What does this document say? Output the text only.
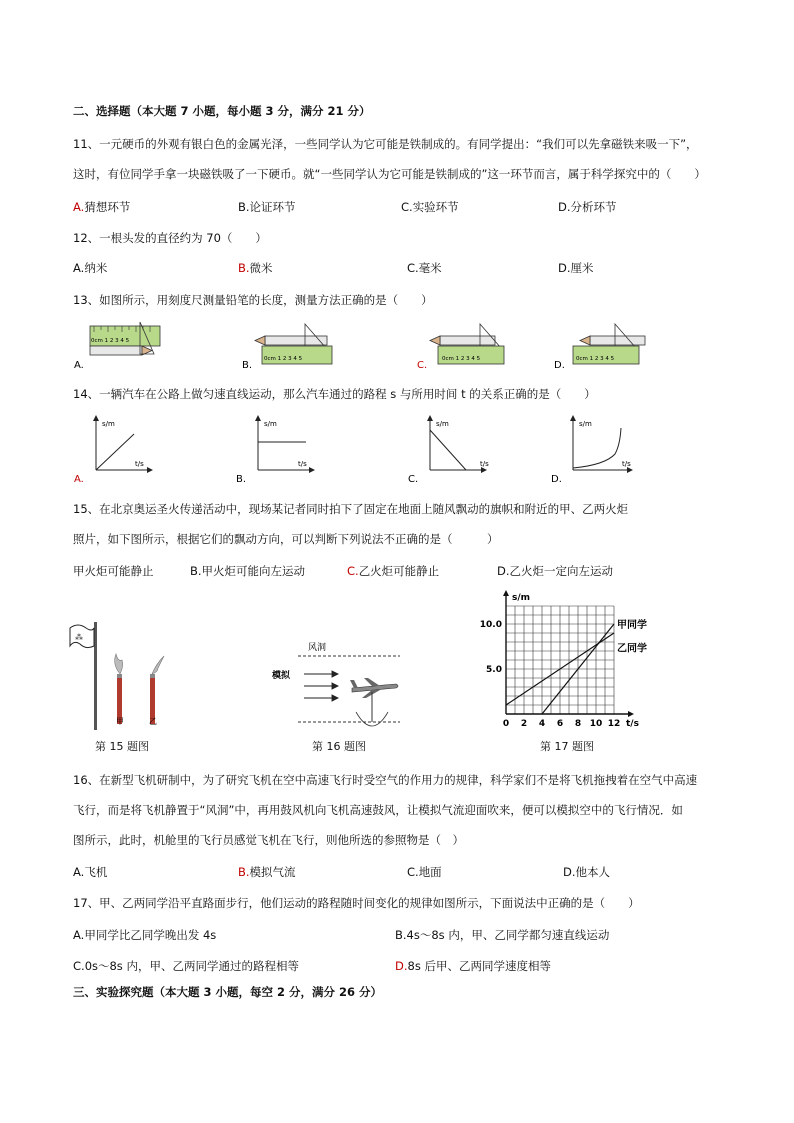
二、选择题（本大题 7 小题，每小题 3 分，满分 21 分）
11、一元硬币的外观有银白色的金属光泽，一些同学认为它可能是铁制成的。有同学提出：“我们可以先拿磁铁来吸一下”，
这时，有位同学手拿一块磁铁吸了一下硬币。就“一些同学认为它可能是铁制成的”这一环节而言，属于科学探究中的（　　）
A.猜想环节	B.论证环节	C.实验环节	D.分析环节
12、一根头发的直径约为 70（　　）
A.纳米	B.微米	C.毫米	D.厘米
13、如图所示，用刻度尺测量铅笔的长度，测量方法正确的是（　　）
0cm 1 2 3 4 5
A.
0cm 1 2 3 4 5
B.
0cm 1 2 3 4 5
C.
0cm 1 2 3 4 5
D.
14、一辆汽车在公路上做匀速直线运动，那么汽车通过的路程 s 与所用时间 t 的关系正确的是（　　）
s/m
t/s
A.
s/m
t/s
B.
s/m
t/s
C.
s/m
t/s
D.
15、在北京奥运圣火传递活动中，现场某记者同时拍下了固定在地面上随风飘动的旗帜和附近的甲、乙两火炬
照片，如下图所示，根据它们的飘动方向，可以判断下列说法不正确的是（　　　）
甲火炬可能静止	B.甲火炬可能向左运动	C.乙火炬可能静止	D.乙火炬一定向左运动
⁂
甲	乙
第 15 题图
风洞
模拟
第 16 题图
s/m
t/s
0 2 4 6 8 10 12
5.0
10.0	甲同学
乙同学
第 17 题图
16、在新型飞机研制中，为了研究飞机在空中高速飞行时受空气的作用力的规律，科学家们不是将飞机拖拽着在空气中高速
飞行，而是将飞机静置于“风洞”中，再用鼓风机向飞机高速鼓风，让模拟气流迎面吹来，便可以模拟空中的飞行情况．如
图所示，此时，机舱里的飞行员感觉飞机在飞行，则他所选的参照物是（　）
A.飞机	B.模拟气流	C.地面	D.他本人
17、甲、乙两同学沿平直路面步行，他们运动的路程随时间变化的规律如图所示，下面说法中正确的是（　　）
A.甲同学比乙同学晚出发 4s	B.4s～8s 内，甲、乙同学都匀速直线运动
C.0s～8s 内，甲、乙两同学通过的路程相等	D.8s 后甲、乙两同学速度相等
三、实验探究题（本大题 3 小题，每空 2 分，满分 26 分）
